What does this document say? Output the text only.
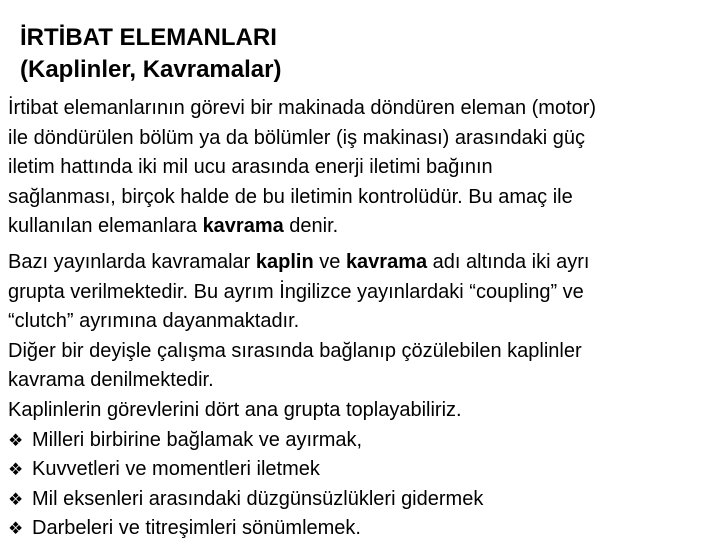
İRTİBAT ELEMANLARI
(Kaplinler, Kavramalar)
İrtibat elemanlarının görevi bir makinada döndüren eleman (motor)
ile döndürülen bölüm ya da bölümler (iş makinası) arasındaki güç
iletim hattında iki mil ucu arasında enerji iletimi bağının
sağlanması, birçok halde de bu iletimin kontrolüdür. Bu amaç ile
kullanılan elemanlara kavrama denir.
Bazı yayınlarda kavramalar kaplin ve kavrama adı altında iki ayrı
grupta verilmektedir. Bu ayrım İngilizce yayınlardaki “coupling” ve
“clutch” ayrımına dayanmaktadır.
Diğer bir deyişle çalışma sırasında bağlanıp çözülebilen kaplinler
kavrama denilmektedir.
Kaplinlerin görevlerini dört ana grupta toplayabiliriz.
❖ Milleri birbirine bağlamak ve ayırmak,
❖ Kuvvetleri ve momentleri iletmek
❖ Mil eksenleri arasındaki düzgünsüzlükleri gidermek
❖ Darbeleri ve titreşimleri sönümlemek.
